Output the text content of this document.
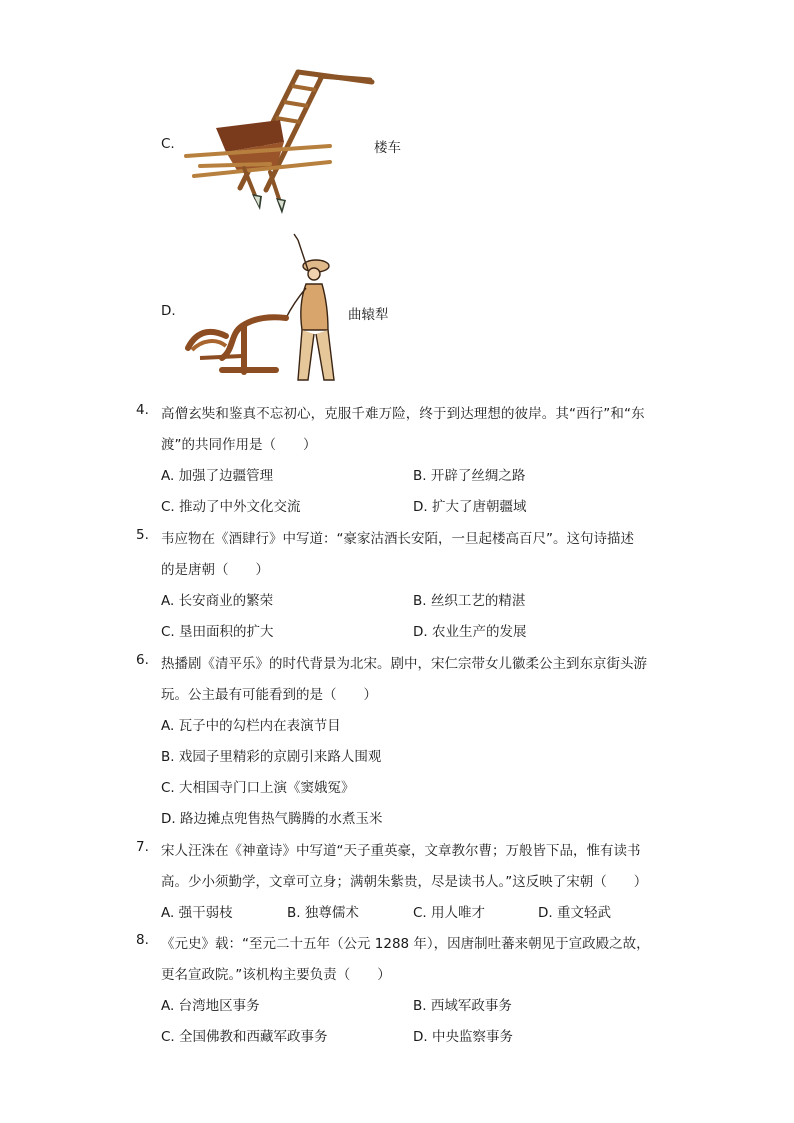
C.	楼车
D.	曲辕犁
4. 高僧玄奘和鉴真不忘初心，克服千难万险，终于到达理想的彼岸。其“西行”和“东
渡”的共同作用是（　　）
A. 加强了边疆管理	B. 开辟了丝绸之路
C. 推动了中外文化交流	D. 扩大了唐朝疆域
5. 韦应物在《酒肆行》中写道：“豪家沽酒长安陌，一旦起楼高百尺”。这句诗描述
的是唐朝（　　）
A. 长安商业的繁荣	B. 丝织工艺的精湛
C. 垦田面积的扩大	D. 农业生产的发展
6. 热播剧《清平乐》的时代背景为北宋。剧中，宋仁宗带女儿徽柔公主到东京街头游
玩。公主最有可能看到的是（　　）
A. 瓦子中的勾栏内在表演节目
B. 戏园子里精彩的京剧引来路人围观
C. 大相国寺门口上演《窦娥冤》
D. 路边摊点兜售热气腾腾的水煮玉米
7. 宋人汪洙在《神童诗》中写道“天子重英豪，文章教尔曹；万般皆下品，惟有读书
高。少小须勤学，文章可立身；满朝朱紫贵，尽是读书人。”这反映了宋朝（　　）
A. 强干弱枝	B. 独尊儒术	C. 用人唯才	D. 重文轻武
8. 《元史》载：“至元二十五年（公元 1288 年），因唐制吐蕃来朝见于宣政殿之故，
更名宣政院。”该机构主要负责（　　）
A. 台湾地区事务	B. 西域军政事务
C. 全国佛教和西藏军政事务	D. 中央监察事务
